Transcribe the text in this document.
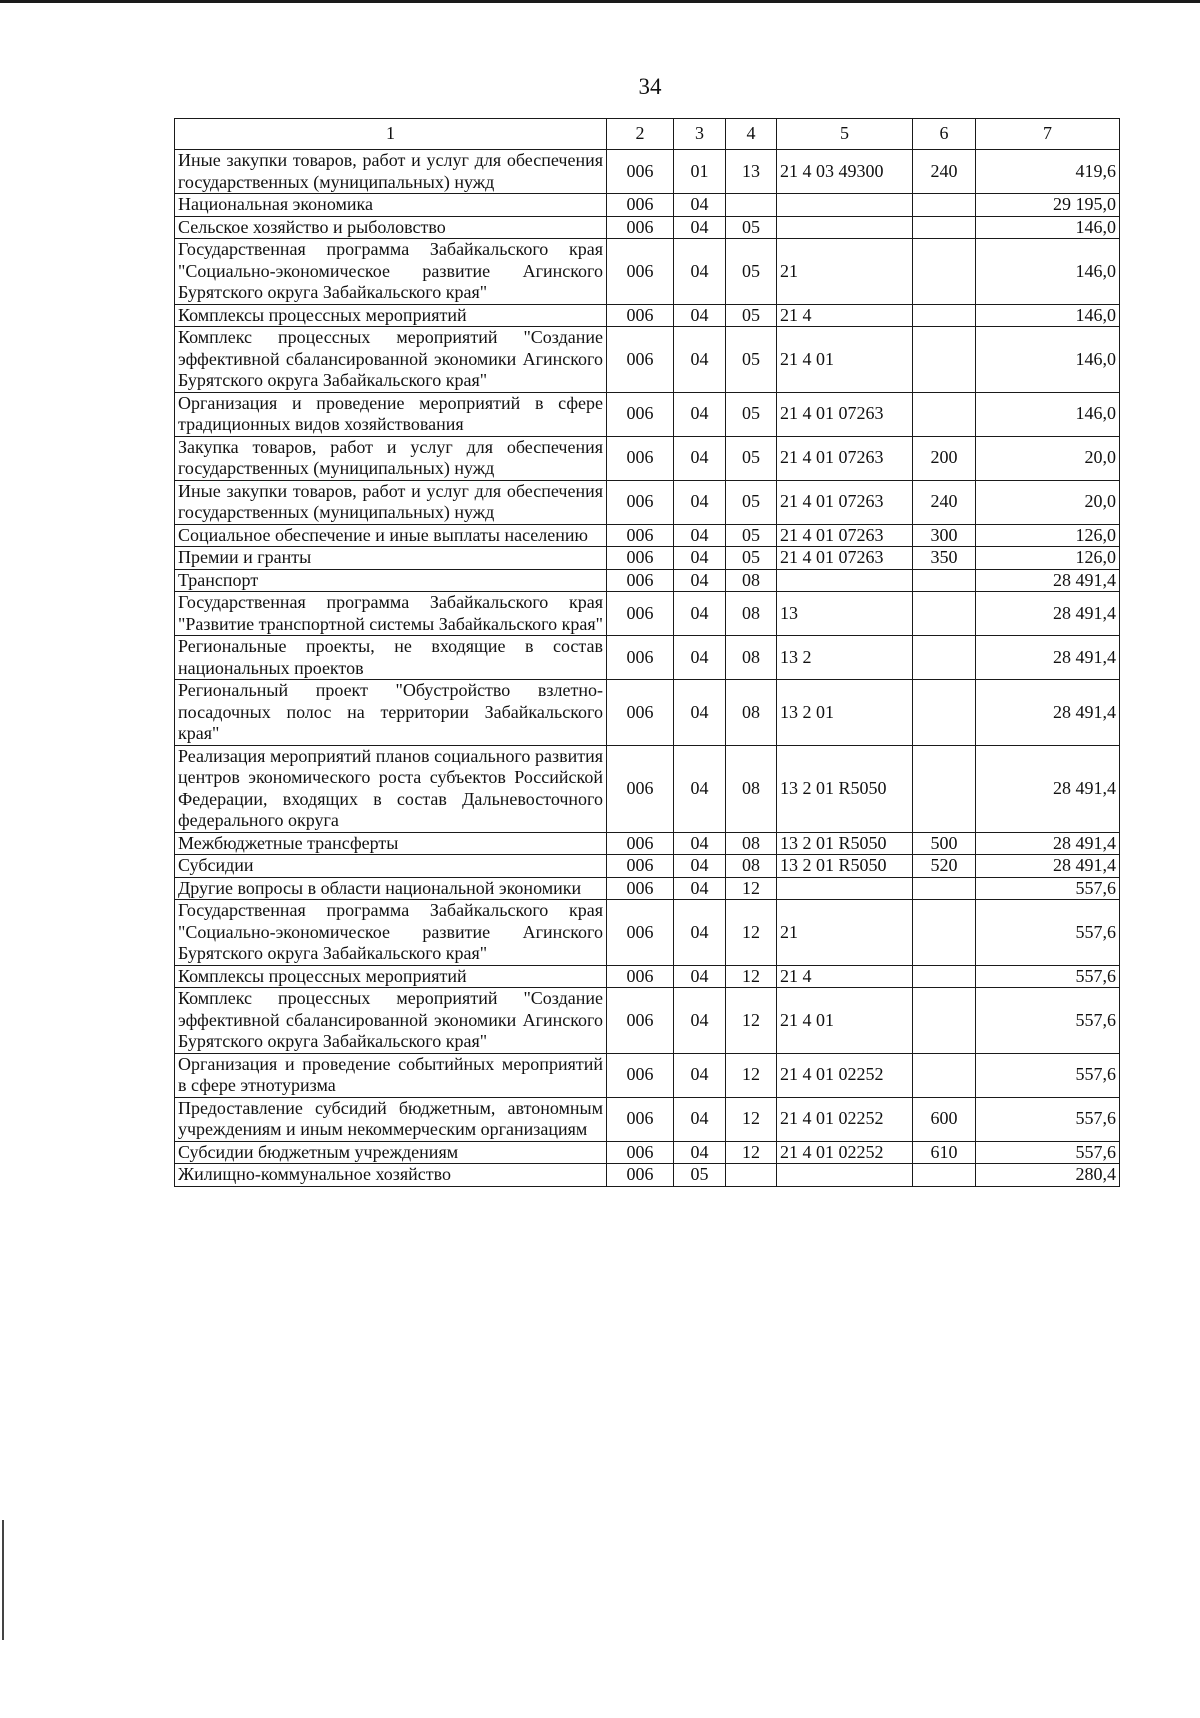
34
1	2	3	4	5	6	7
Иные закупки товаров, работ и услуг для обеспечения государственных (муниципальных) нужд	006	01	13	21 4 03 49300	240	419,6
Национальная экономика	006	04				29 195,0
Сельское хозяйство и рыболовство	006	04	05			146,0
Государственная программа Забайкальского края "Социально-экономическое развитие Агинского Бурятского округа Забайкальского края"	006	04	05	21		146,0
Комплексы процессных мероприятий	006	04	05	21 4		146,0
Комплекс процессных мероприятий "Создание эффективной сбалансированной экономики Агинского Бурятского округа Забайкальского края"	006	04	05	21 4 01		146,0
Организация и проведение мероприятий в сфере традиционных видов хозяйствования	006	04	05	21 4 01 07263		146,0
Закупка товаров, работ и услуг для обеспечения государственных (муниципальных) нужд	006	04	05	21 4 01 07263	200	20,0
Иные закупки товаров, работ и услуг для обеспечения государственных (муниципальных) нужд	006	04	05	21 4 01 07263	240	20,0
Социальное обеспечение и иные выплаты населению	006	04	05	21 4 01 07263	300	126,0
Премии и гранты	006	04	05	21 4 01 07263	350	126,0
Транспорт	006	04	08			28 491,4
Государственная программа Забайкальского края "Развитие транспортной системы Забайкальского края"	006	04	08	13		28 491,4
Региональные проекты, не входящие в состав национальных проектов	006	04	08	13 2		28 491,4
Региональный проект "Обустройство взлетно-посадочных полос на территории Забайкальского края"	006	04	08	13 2 01		28 491,4
Реализация мероприятий планов социального развития центров экономического роста субъектов Российской Федерации, входящих в состав Дальневосточного федерального округа	006	04	08	13 2 01 R5050		28 491,4
Межбюджетные трансферты	006	04	08	13 2 01 R5050	500	28 491,4
Субсидии	006	04	08	13 2 01 R5050	520	28 491,4
Другие вопросы в области национальной экономики	006	04	12			557,6
Государственная программа Забайкальского края "Социально-экономическое развитие Агинского Бурятского округа Забайкальского края"	006	04	12	21		557,6
Комплексы процессных мероприятий	006	04	12	21 4		557,6
Комплекс процессных мероприятий "Создание эффективной сбалансированной экономики Агинского Бурятского округа Забайкальского края"	006	04	12	21 4 01		557,6
Организация и проведение событийных мероприятий в сфере этнотуризма	006	04	12	21 4 01 02252		557,6
Предоставление субсидий бюджетным, автономным учреждениям и иным некоммерческим организациям	006	04	12	21 4 01 02252	600	557,6
Субсидии бюджетным учреждениям	006	04	12	21 4 01 02252	610	557,6
Жилищно-коммунальное хозяйство	006	05				280,4
